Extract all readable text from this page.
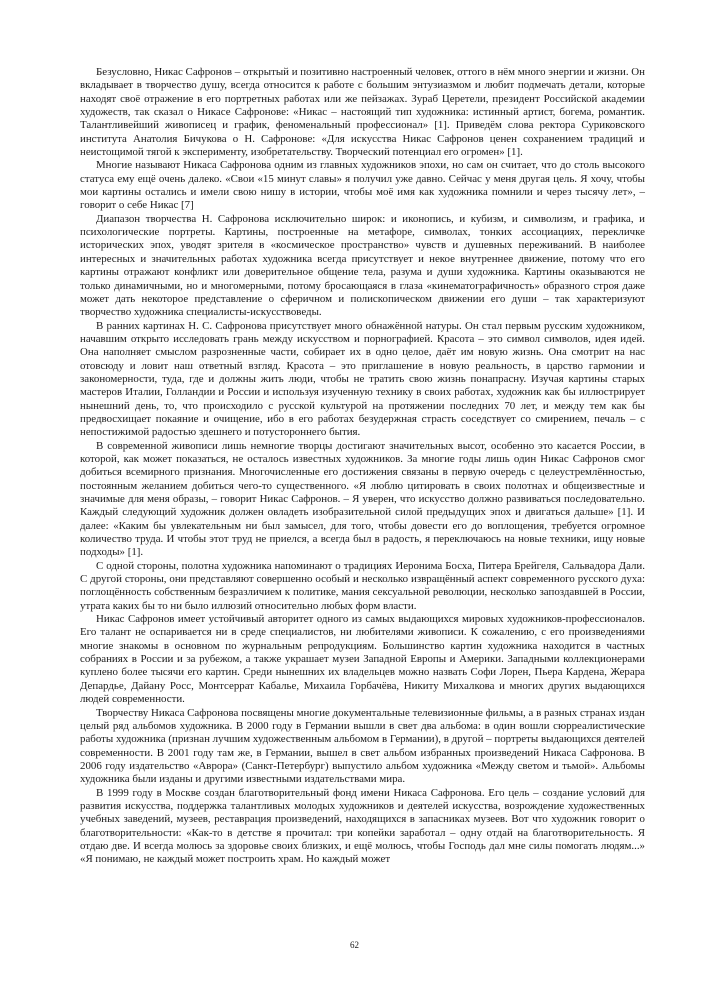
Безусловно, Никас Сафронов – открытый и позитивно настроенный человек, оттого в нём много энергии и жизни. Он вкладывает в творчество душу, всегда относится к работе с большим энтузиазмом и любит подмечать детали, которые находят своё отражение в его портретных работах или же пейзажах. Зураб Церетели, президент Российской академии художеств, так сказал о Никасе Сафронове: «Никас – настоящий тип художника: истинный артист, богема, романтик. Талантливейший живописец и график, феноменальный профессионал» [1]. Приведём слова ректора Суриковского института Анатолия Бичукова о Н. Сафронове: «Для искусства Никас Сафронов ценен сохранением традиций и неистощимой тягой к эксперименту, изобретательству. Творческий потенциал его огромен» [1].

Многие называют Никаса Сафронова одним из главных художников эпохи, но сам он считает, что до столь высокого статуса ему ещё очень далеко. «Свои «15 минут славы» я получил уже давно. Сейчас у меня другая цель. Я хочу, чтобы мои картины остались и имели свою нишу в истории, чтобы моё имя как художника помнили и через тысячу лет», – говорит о себе Никас [7]

Диапазон творчества Н. Сафронова исключительно широк: и иконопись, и кубизм, и символизм, и графика, и психологические портреты. Картины, построенные на метафоре, символах, тонких ассоциациях, перекличке исторических эпох, уводят зрителя в «космическое пространство» чувств и душевных переживаний. В наиболее интересных и значительных работах художника всегда присутствует и некое внутреннее движение, потому что его картины отражают конфликт или доверительное общение тела, разума и души художника. Картины оказываются не только динамичными, но и многомерными, потому бросающаяся в глаза «кинематографичность» образного строя даже может дать некоторое представление о сферичном и полископическом движении его души – так характеризуют творчество художника специалисты-искусствоведы.

В ранних картинах Н. С. Сафронова присутствует много обнажённой натуры. Он стал первым русским художником, начавшим открыто исследовать грань между искусством и порнографией. Красота – это символ символов, идея идей. Она наполняет смыслом разрозненные части, собирает их в одно целое, даёт им новую жизнь. Она смотрит на нас отовсюду и ловит наш ответный взгляд. Красота – это приглашение в новую реальность, в царство гармонии и закономерности, туда, где и должны жить люди, чтобы не тратить свою жизнь понапрасну. Изучая картины старых мастеров Италии, Голландии и России и используя изученную технику в своих работах, художник как бы иллюстрирует нынешний день, то, что происходило с русской культурой на протяжении последних 70 лет, и между тем как бы предвосхищает покаяние и очищение, ибо в его работах безудержная страсть соседствует со смирением, печаль – с непостижимой радостью здешнего и потустороннего бытия.

В современной живописи лишь немногие творцы достигают значительных высот, особенно это касается России, в которой, как может показаться, не осталось известных художников. За многие годы лишь один Никас Сафронов смог добиться всемирного признания. Многочисленные его достижения связаны в первую очередь с целеустремлённостью, постоянным желанием добиться чего-то существенного. «Я люблю цитировать в своих полотнах и общеизвестные и значимые для меня образы, – говорит Никас Сафронов. – Я уверен, что искусство должно развиваться последовательно. Каждый следующий художник должен овладеть изобразительной силой предыдущих эпох и двигаться дальше» [1]. И далее: «Каким бы увлекательным ни был замысел, для того, чтобы довести его до воплощения, требуется огромное количество труда. И чтобы этот труд не приелся, а всегда был в радость, я переключаюсь на новые техники, ищу новые подходы» [1].

С одной стороны, полотна художника напоминают о традициях Иеронима Босха, Питера Брейгеля, Сальвадора Дали. С другой стороны, они представляют совершенно особый и несколько извращённый аспект современного русского духа: поглощённость собственным безразличием к политике, мания сексуальной революции, несколько запоздавшей в России, утрата каких бы то ни было иллюзий относительно любых форм власти.

Никас Сафронов имеет устойчивый авторитет одного из самых выдающихся мировых художников-профессионалов. Его талант не оспаривается ни в среде специалистов, ни любителями живописи. К сожалению, с его произведениями многие знакомы в основном по журнальным репродукциям. Большинство картин художника находится в частных собраниях в России и за рубежом, а также украшает музеи Западной Европы и Америки. Западными коллекционерами куплено более тысячи его картин. Среди нынешних их владельцев можно назвать Софи Лорен, Пьера Кардена, Жерара Депардье, Дайану Росс, Монтсеррат Кабалье, Михаила Горбачёва, Никиту Михалкова и многих других выдающихся людей современности.

Творчеству Никаса Сафронова посвящены многие документальные телевизионные фильмы, а в разных странах издан целый ряд альбомов художника. В 2000 году в Германии вышли в свет два альбома: в один вошли сюрреалистические работы художника (признан лучшим художественным альбомом в Германии), в другой – портреты выдающихся деятелей современности. В 2001 году там же, в Германии, вышел в свет альбом избранных произведений Никаса Сафронова. В 2006 году издательство «Аврора» (Санкт-Петербург) выпустило альбом художника «Между светом и тьмой». Альбомы художника были изданы и другими известными издательствами мира.

В 1999 году в Москве создан благотворительный фонд имени Никаса Сафронова. Его цель – создание условий для развития искусства, поддержка талантливых молодых художников и деятелей искусства, возрождение художественных учебных заведений, музеев, реставрация произведений, находящихся в запасниках музеев. Вот что художник говорит о благотворительности: «Как-то в детстве я прочитал: три копейки заработал – одну отдай на благотворительность. Я отдаю две. И всегда молюсь за здоровье своих близких, и ещё молюсь, чтобы Господь дал мне силы помогать людям...» «Я понимаю, не каждый может построить храм. Но каждый может

62
